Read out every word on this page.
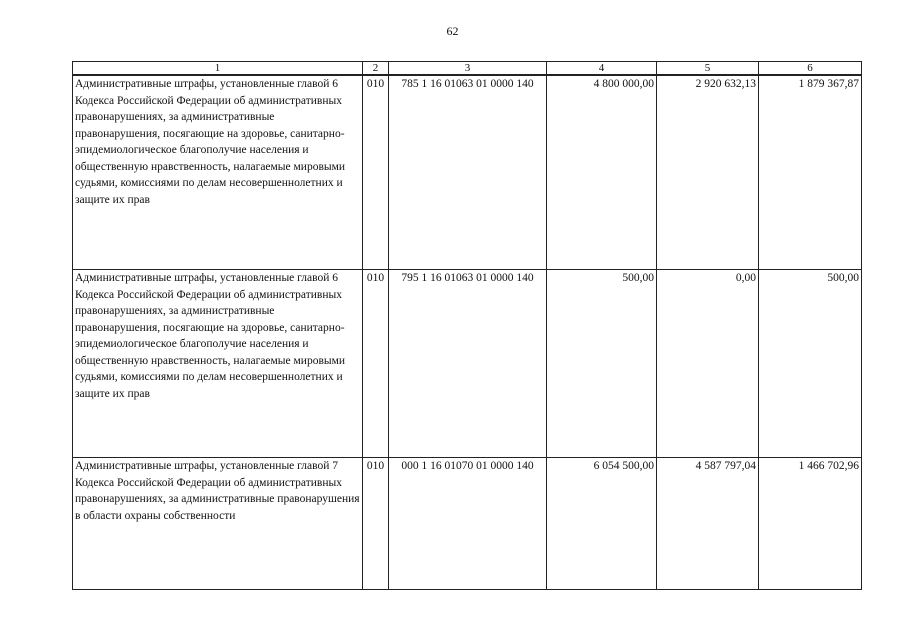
62
1	2	3	4	5	6
Административные штрафы, установленные главой 6 Кодекса Российской Федерации об административных правонарушениях, за административные правонарушения, посягающие на здоровье, санитарно-эпидемиологическое благополучие населения и общественную нравственность, налагаемые мировыми судьями, комиссиями по делам несовершеннолетних и защите их прав	010	785 1 16 01063 01 0000 140	4 800 000,00	2 920 632,13	1 879 367,87
Административные штрафы, установленные главой 6 Кодекса Российской Федерации об административных правонарушениях, за административные правонарушения, посягающие на здоровье, санитарно-эпидемиологическое благополучие населения и общественную нравственность, налагаемые мировыми судьями, комиссиями по делам несовершеннолетних и защите их прав	010	795 1 16 01063 01 0000 140	500,00	0,00	500,00
Административные штрафы, установленные главой 7 Кодекса Российской Федерации об административных правонарушениях, за административные правонарушения в области охраны собственности	010	000 1 16 01070 01 0000 140	6 054 500,00	4 587 797,04	1 466 702,96
